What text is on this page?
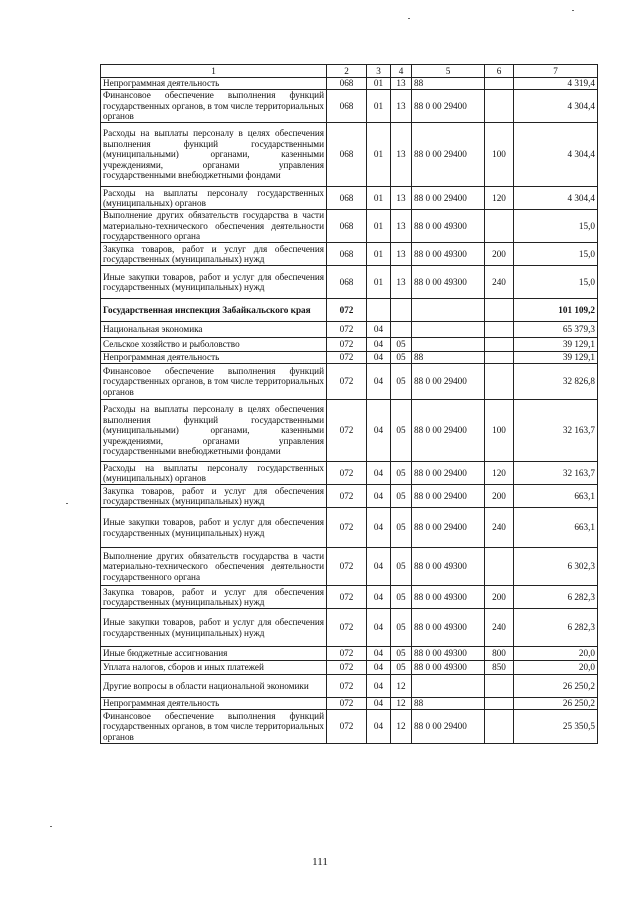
1	2	3	4	5	6	7
Непрограммная деятельность	068	01	13	88		4 319,4
Финансовое обеспечение выполнения функций государственных органов, в том числе территориальных органов	068	01	13	88 0 00 29400		4 304,4
Расходы на выплаты персоналу в целях обеспечения выполнения функций государственными (муниципальными) органами, казенными учреждениями, органами управления государственными внебюджетными фондами	068	01	13	88 0 00 29400	100	4 304,4
Расходы на выплаты персоналу государственных (муниципальных) органов	068	01	13	88 0 00 29400	120	4 304,4
Выполнение других обязательств государства в части материально-технического обеспечения деятельности государственного органа	068	01	13	88 0 00 49300		15,0
Закупка товаров, работ и услуг для обеспечения государственных (муниципальных) нужд	068	01	13	88 0 00 49300	200	15,0
Иные закупки товаров, работ и услуг для обеспечения государственных (муниципальных) нужд	068	01	13	88 0 00 49300	240	15,0
Государственная инспекция Забайкальского края	072					101 109,2
Национальная экономика	072	04				65 379,3
Сельское хозяйство и рыболовство	072	04	05			39 129,1
Непрограммная деятельность	072	04	05	88		39 129,1
Финансовое обеспечение выполнения функций государственных органов, в том числе территориальных органов	072	04	05	88 0 00 29400		32 826,8
Расходы на выплаты персоналу в целях обеспечения выполнения функций государственными (муниципальными) органами, казенными учреждениями, органами управления государственными внебюджетными фондами	072	04	05	88 0 00 29400	100	32 163,7
Расходы на выплаты персоналу государственных (муниципальных) органов	072	04	05	88 0 00 29400	120	32 163,7
Закупка товаров, работ и услуг для обеспечения государственных (муниципальных) нужд	072	04	05	88 0 00 29400	200	663,1
Иные закупки товаров, работ и услуг для обеспечения государственных (муниципальных) нужд	072	04	05	88 0 00 29400	240	663,1
Выполнение других обязательств государства в части материально-технического обеспечения деятельности государственного органа	072	04	05	88 0 00 49300		6 302,3
Закупка товаров, работ и услуг для обеспечения государственных (муниципальных) нужд	072	04	05	88 0 00 49300	200	6 282,3
Иные закупки товаров, работ и услуг для обеспечения государственных (муниципальных) нужд	072	04	05	88 0 00 49300	240	6 282,3
Иные бюджетные ассигнования	072	04	05	88 0 00 49300	800	20,0
Уплата налогов, сборов и иных платежей	072	04	05	88 0 00 49300	850	20,0
Другие вопросы в области национальной экономики	072	04	12			26 250,2
Непрограммная деятельность	072	04	12	88		26 250,2
Финансовое обеспечение выполнения функций государственных органов, в том числе территориальных органов	072	04	12	88 0 00 29400		25 350,5
111
